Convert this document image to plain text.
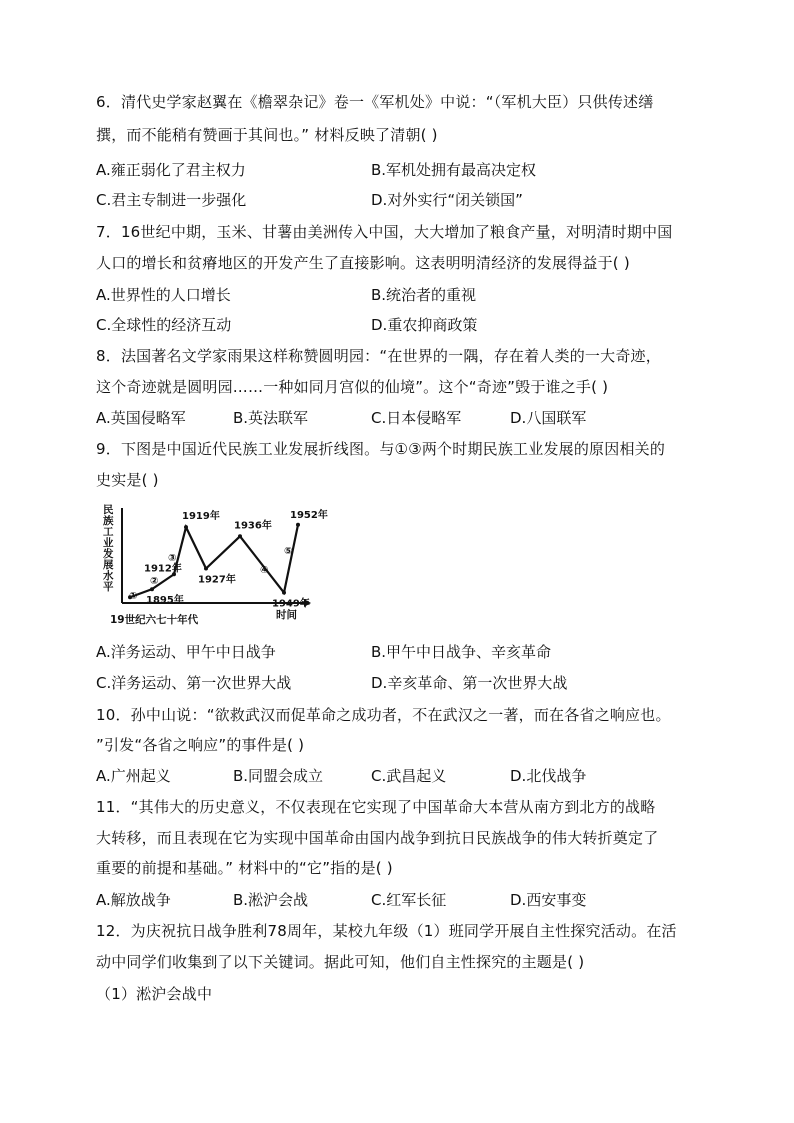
6．清代史学家赵翼在《檐翠杂记》卷一《军机处》中说：“（军机大臣）只供传述缮
撰，而不能稍有赞画于其间也。” 材料反映了清朝( )
A.雍正弱化了君主权力	B.军机处拥有最高决定权
C.君主专制进一步强化	D.对外实行“闭关锁国”
7．16世纪中期，玉米、甘薯由美洲传入中国，大大增加了粮食产量，对明清时期中国
人口的增长和贫瘠地区的开发产生了直接影响。这表明明清经济的发展得益于( )
A.世界性的人口增长	B.统治者的重视
C.全球性的经济互动	D.重农抑商政策
8．法国著名文学家雨果这样称赞圆明园：“在世界的一隅，存在着人类的一大奇迹，
这个奇迹就是圆明园……一种如同月宫似的仙境”。这个“奇迹”毁于谁之手( )
A.英国侵略军	B.英法联军	C.日本侵略军	D.八国联军
9．下图是中国近代民族工业发展折线图。与①③两个时期民族工业发展的原因相关的
史实是( )
民
族
工
业
发
展
水
平
1895年
1912年
1919年
1927年
1936年
1949年
1952年
①
②
③
④
⑤
19世纪六七十年代	时间
A.洋务运动、甲午中日战争	B.甲午中日战争、辛亥革命
C.洋务运动、第一次世界大战	D.辛亥革命、第一次世界大战
10．孙中山说：“欲救武汉而促革命之成功者，不在武汉之一著，而在各省之响应也。
”引发“各省之响应”的事件是( )
A.广州起义	B.同盟会成立	C.武昌起义	D.北伐战争
11．“其伟大的历史意义，不仅表现在它实现了中国革命大本营从南方到北方的战略
大转移，而且表现在它为实现中国革命由国内战争到抗日民族战争的伟大转折奠定了
重要的前提和基础。” 材料中的“它”指的是( )
A.解放战争	B.淞沪会战	C.红军长征	D.西安事变
12．为庆祝抗日战争胜利78周年，某校九年级（1）班同学开展自主性探究活动。在活
动中同学们收集到了以下关键词。据此可知，他们自主性探究的主题是( )
（1）淞沪会战中
